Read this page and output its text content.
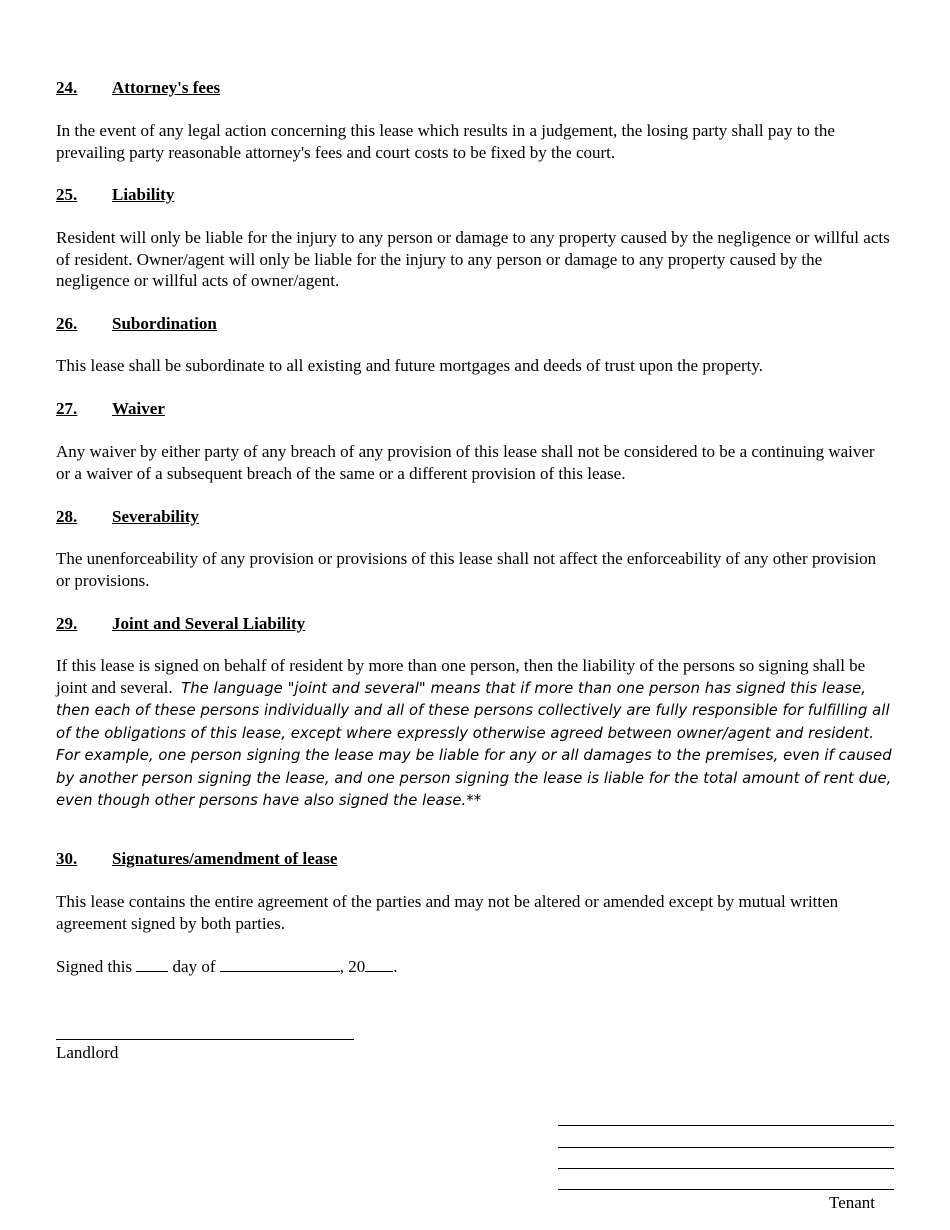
24. Attorney's fees

In the event of any legal action concerning this lease which results in a judgement, the losing party shall pay to the prevailing party reasonable attorney's fees and court costs to be fixed by the court.

25. Liability

Resident will only be liable for the injury to any person or damage to any property caused by the negligence or willful acts of resident. Owner/agent will only be liable for the injury to any person or damage to any property caused by the negligence or willful acts of owner/agent.

26. Subordination

This lease shall be subordinate to all existing and future mortgages and deeds of trust upon the property.

27. Waiver

Any waiver by either party of any breach of any provision of this lease shall not be considered to be a continuing waiver or a waiver of a subsequent breach of the same or a different provision of this lease.

28. Severability

The unenforceability of any provision or provisions of this lease shall not affect the enforceability of any other provision or provisions.

29. Joint and Several Liability

If this lease is signed on behalf of resident by more than one person, then the liability of the persons so signing shall be joint and several. The language "joint and several" means that if more than one person has signed this lease, then each of these persons individually and all of these persons collectively are fully responsible for fulfilling all of the obligations of this lease, except where expressly otherwise agreed between owner/agent and resident. For example, one person signing the lease may be liable for any or all damages to the premises, even if caused by another person signing the lease, and one person signing the lease is liable for the total amount of rent due, even though other persons have also signed the lease.**

30. Signatures/amendment of lease

This lease contains the entire agreement of the parties and may not be altered or amended except by mutual written agreement signed by both parties.

Signed this day of	, 20 .
Landlord
Tenant
